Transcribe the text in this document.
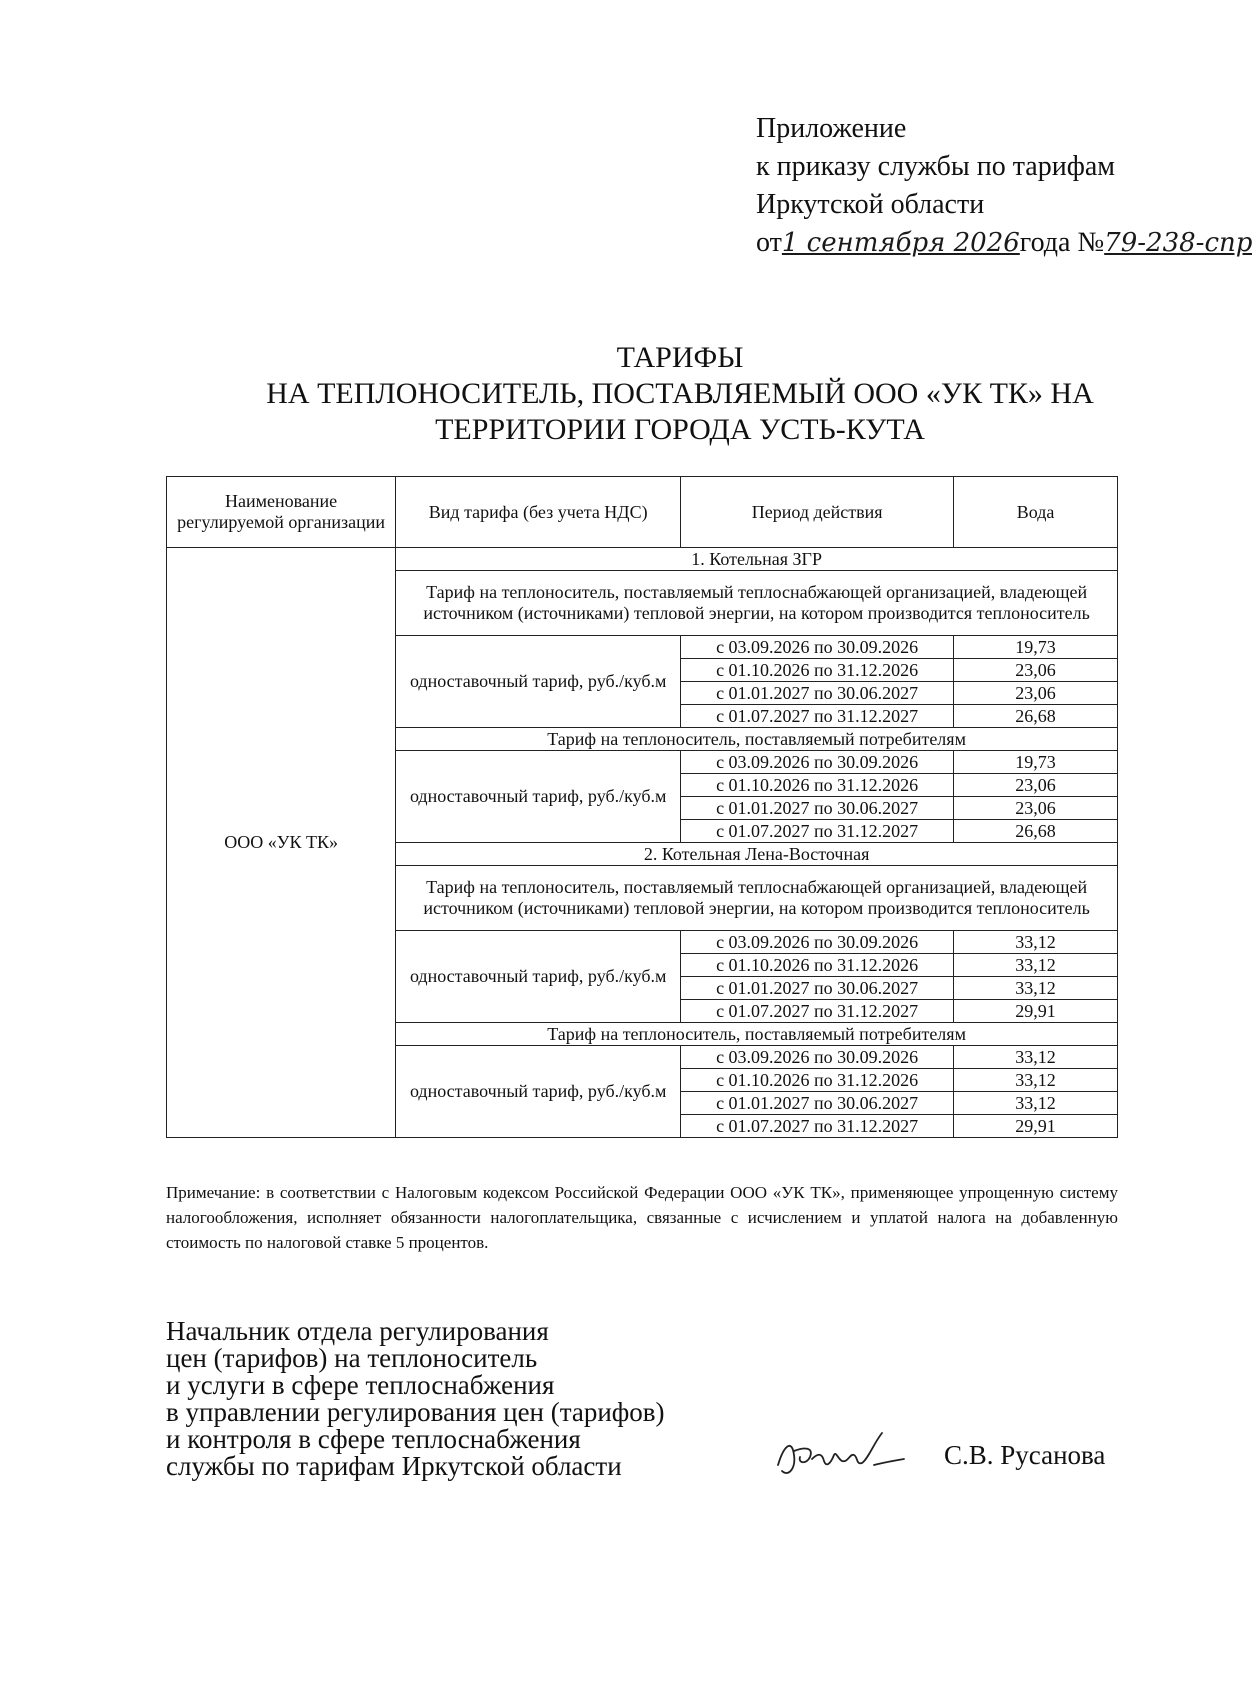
Приложение
к приказу службы по тарифам
Иркутской области
от1 сентября 2026года №79-238-спр
ТАРИФЫ
НА ТЕПЛОНОСИТЕЛЬ, ПОСТАВЛЯЕМЫЙ ООО «УК ТК» НА
ТЕРРИТОРИИ ГОРОДА УСТЬ-КУТА
Наименование регулируемой организации	Вид тарифа (без учета НДС)	Период действия	Вода
ООО «УК ТК»	1. Котельная ЗГР		
	Тариф на теплоноситель, поставляемый теплоснабжающей организацией, владеющей источником (источниками) тепловой энергии, на котором производится теплоноситель		
	одноставочный тариф, руб./куб.м	с 03.09.2026 по 30.09.2026	19,73
		с 01.10.2026 по 31.12.2026	23,06
		с 01.01.2027 по 30.06.2027	23,06
		с 01.07.2027 по 31.12.2027	26,68
	Тариф на теплоноситель, поставляемый потребителям		
	одноставочный тариф, руб./куб.м	с 03.09.2026 по 30.09.2026	19,73
		с 01.10.2026 по 31.12.2026	23,06
		с 01.01.2027 по 30.06.2027	23,06
		с 01.07.2027 по 31.12.2027	26,68
	2. Котельная Лена-Восточная		
	Тариф на теплоноситель, поставляемый теплоснабжающей организацией, владеющей источником (источниками) тепловой энергии, на котором производится теплоноситель		
	одноставочный тариф, руб./куб.м	с 03.09.2026 по 30.09.2026	33,12
		с 01.10.2026 по 31.12.2026	33,12
		с 01.01.2027 по 30.06.2027	33,12
		с 01.07.2027 по 31.12.2027	29,91
	Тариф на теплоноситель, поставляемый потребителям		
	одноставочный тариф, руб./куб.м	с 03.09.2026 по 30.09.2026	33,12
		с 01.10.2026 по 31.12.2026	33,12
		с 01.01.2027 по 30.06.2027	33,12
		с 01.07.2027 по 31.12.2027	29,91
Примечание: в соответствии с Налоговым кодексом Российской Федерации ООО «УК ТК», применяющее упрощенную систему налогообложения, исполняет обязанности налогоплательщика, связанные с исчислением и уплатой налога на добавленную стоимость по налоговой ставке 5 процентов.
Начальник отдела регулирования
цен (тарифов) на теплоноситель
и услуги в сфере теплоснабжения
в управлении регулирования цен (тарифов)
и контроля в сфере теплоснабжения
службы по тарифам Иркутской области	С.В. Русанова
